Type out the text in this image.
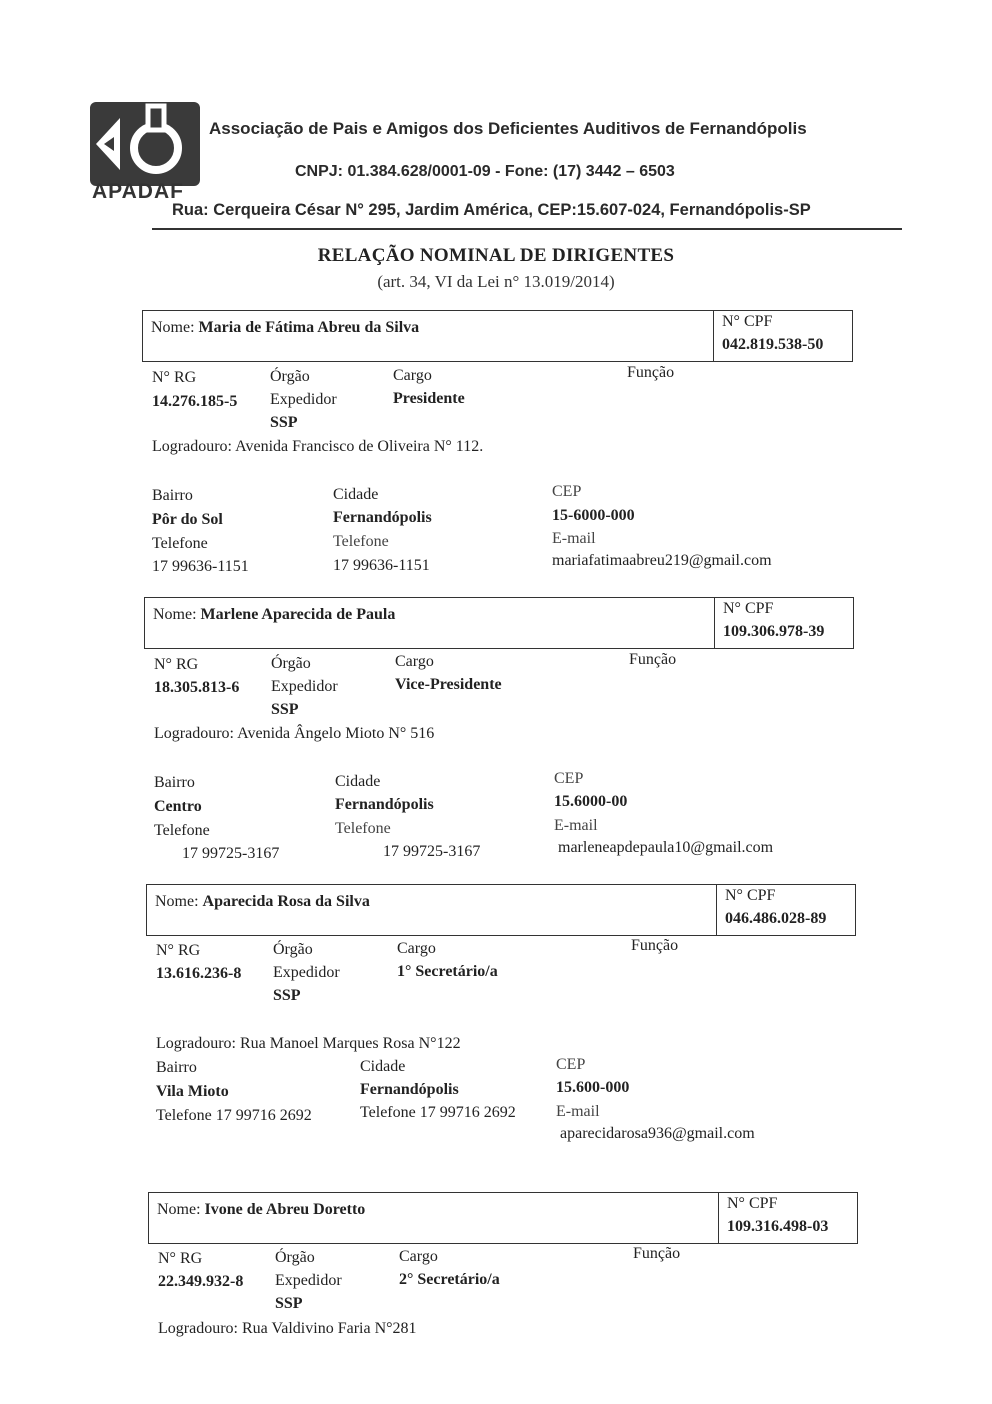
APADAF
Associação de Pais e Amigos dos Deficientes Auditivos de Fernandópolis
CNPJ: 01.384.628/0001-09 - Fone: (17) 3442 – 6503
Rua: Cerqueira César N° 295, Jardim América, CEP:15.607-024, Fernandópolis-SP
RELAÇÃO NOMINAL DE DIRIGENTES
(art. 34, VI da Lei n° 13.019/2014)
Nome: Maria de Fátima Abreu da Silva	N° CPF
042.819.538-50
N° RG
14.276.185-5
Órgão
Expedidor
SSP
Cargo
Presidente
Função
Logradouro: Avenida Francisco de Oliveira N° 112.
Bairro
Pôr do Sol
Cidade
Fernandópolis
CEP
15-6000-000
Telefone
17 99636-1151
Telefone
17 99636-1151
E-mail
mariafatimaabreu219@gmail.com
Nome: Marlene Aparecida de Paula	N° CPF
109.306.978-39
N° RG
18.305.813-6
Órgão
Expedidor
SSP
Cargo
Vice-Presidente
Função
Logradouro: Avenida Ângelo Mioto N° 516
Bairro
Centro
Cidade
Fernandópolis
CEP
15.6000-00
Telefone
17 99725-3167
Telefone
17 99725-3167
E-mail
marleneapdepaula10@gmail.com
Nome: Aparecida Rosa da Silva	N° CPF
046.486.028-89
N° RG
13.616.236-8
Órgão
Expedidor
SSP
Cargo
1° Secretário/a
Função
Logradouro: Rua Manoel Marques Rosa N°122
Bairro
Vila Mioto
Cidade
Fernandópolis
CEP
15.600-000
Telefone 17 99716 2692	Telefone 17 99716 2692	E-mail
aparecidarosa936@gmail.com
Nome: Ivone de Abreu Doretto	N° CPF
109.316.498-03
N° RG
22.349.932-8
Órgão
Expedidor
SSP
Cargo
2° Secretário/a
Função
Logradouro: Rua Valdivino Faria N°281
